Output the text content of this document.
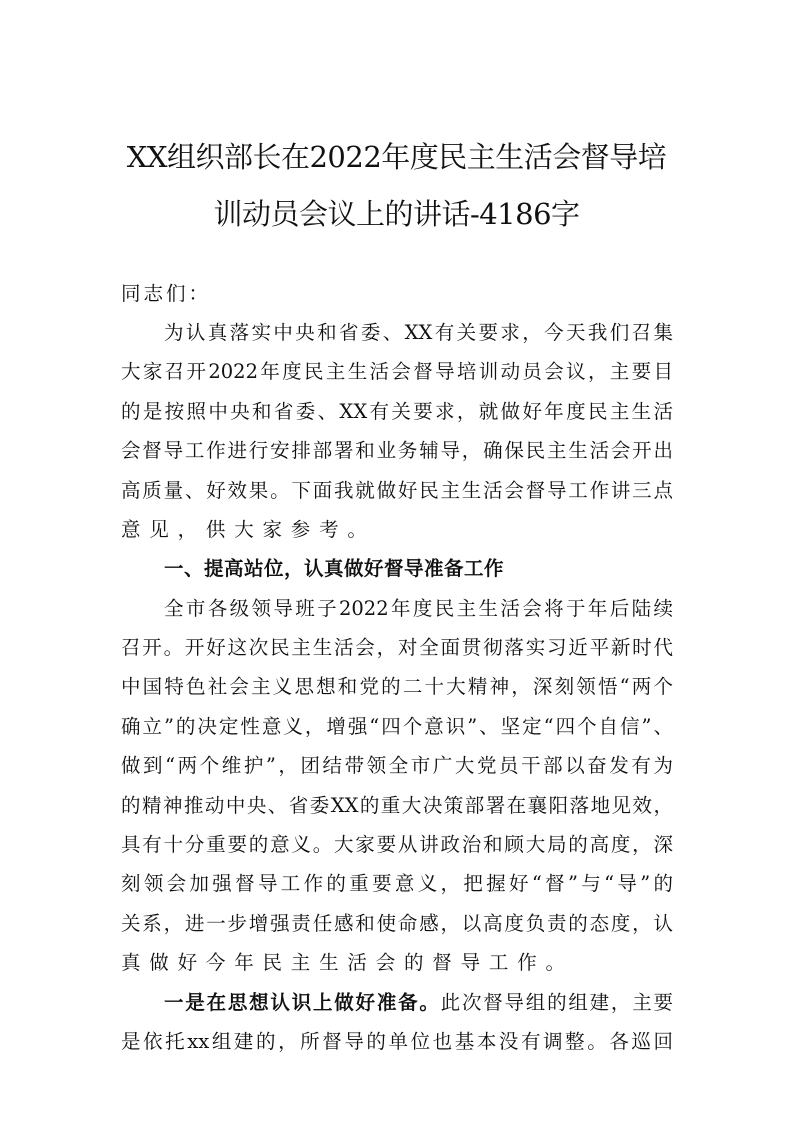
XX组织部长在2022年度民主生活会督导培
训动员会议上的讲话-4186字
同志们：
为认真落实中央和省委、XX有关要求，今天我们召集
大家召开2022年度民主生活会督导培训动员会议，主要目
的是按照中央和省委、XX有关要求，就做好年度民主生活
会督导工作进行安排部署和业务辅导，确保民主生活会开出
高质量、好效果。下面我就做好民主生活会督导工作讲三点
意见，供大家参考。
一、提高站位，认真做好督导准备工作
全市各级领导班子2022年度民主生活会将于年后陆续
召开。开好这次民主生活会，对全面贯彻落实习近平新时代
中国特色社会主义思想和党的二十大精神，深刻领悟“两个
确立”的决定性意义，增强“四个意识”、坚定“四个自信”、
做到“两个维护”，团结带领全市广大党员干部以奋发有为
的精神推动中央、省委XX的重大决策部署在襄阳落地见效，
具有十分重要的意义。大家要从讲政治和顾大局的高度，深
刻领会加强督导工作的重要意义，把握好“督”与“导”的
关系，进一步增强责任感和使命感，以高度负责的态度，认
真做好今年民主生活会的督导工作。
一是在思想认识上做好准备。此次督导组的组建，主要
是依托xx组建的，所督导的单位也基本没有调整。各巡回
